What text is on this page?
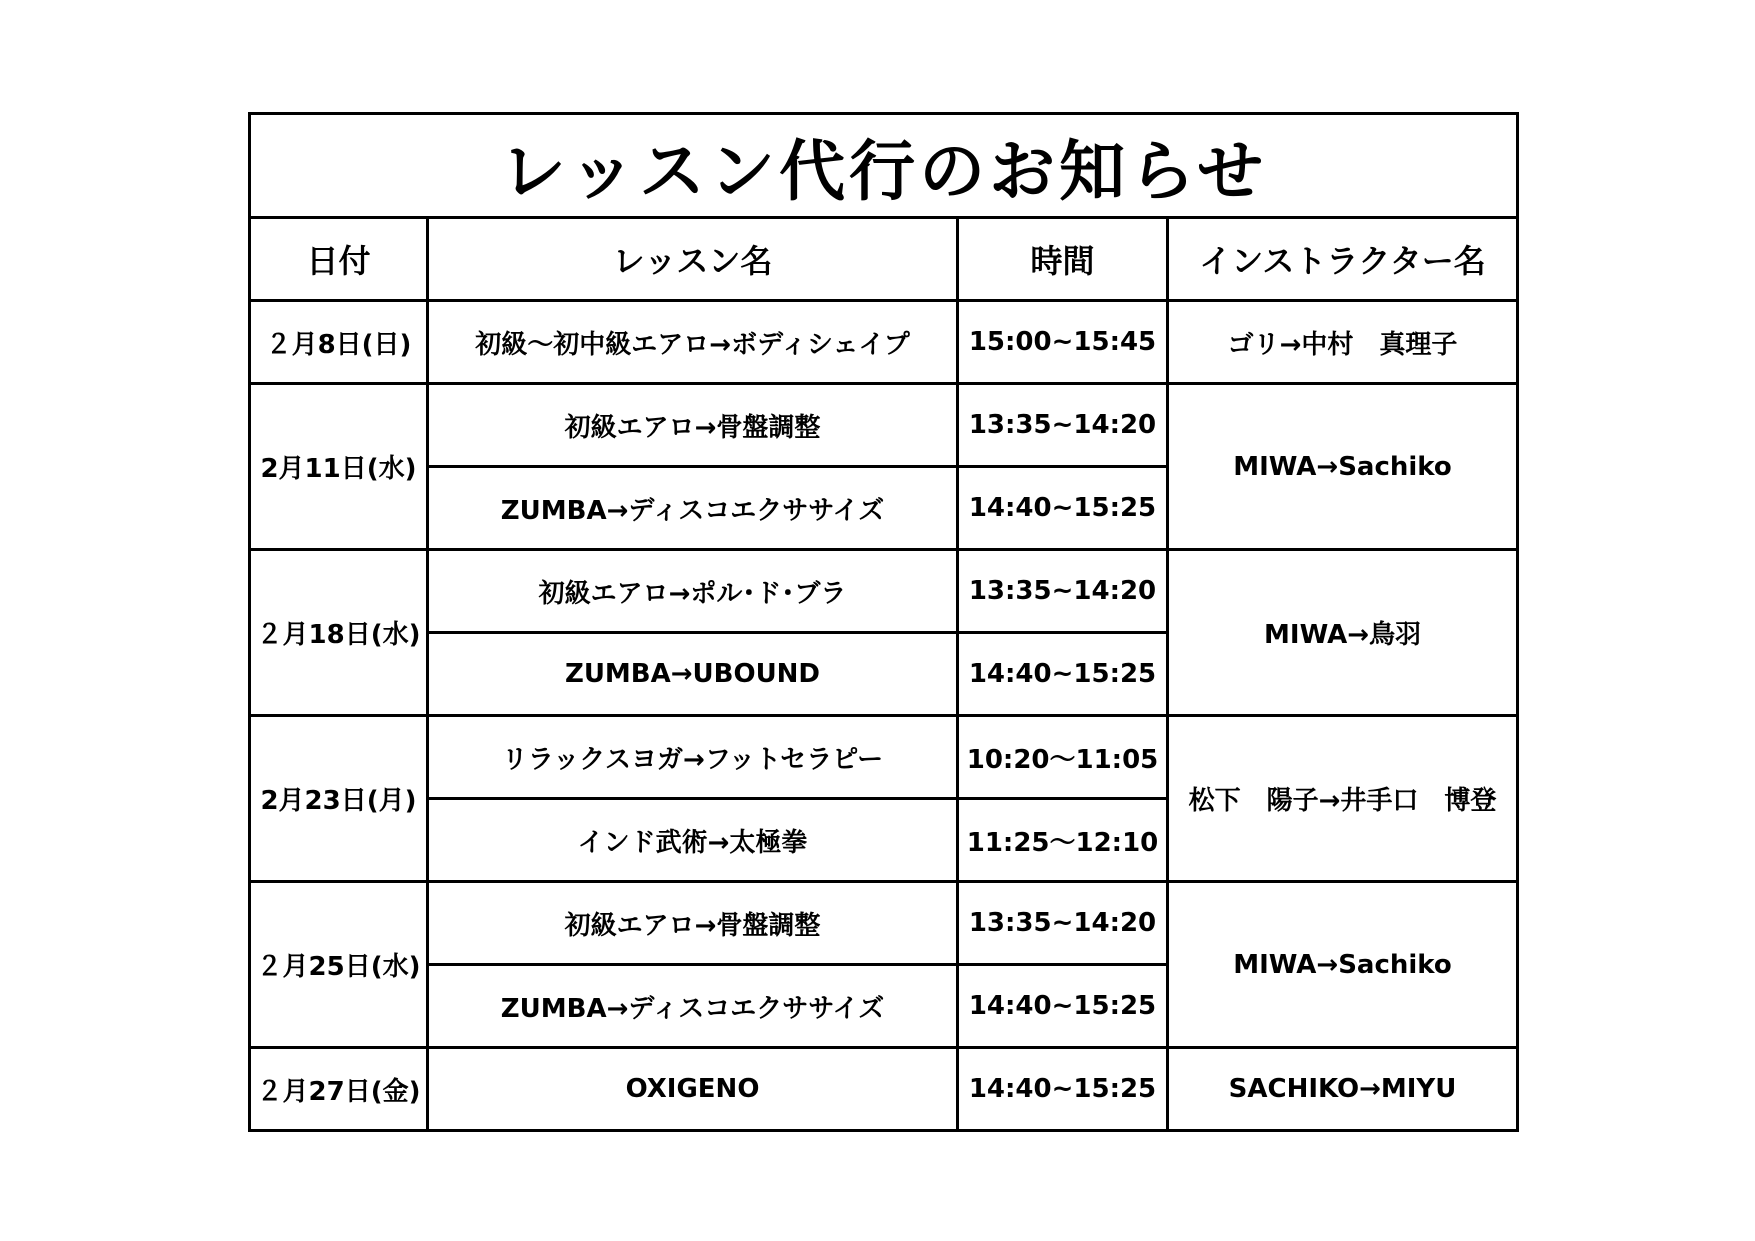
レッスン代行のお知らせ			
日付	レッスン名	時間	インストラクター名
２月8日(日)	初級～初中級エアロ→ボディシェイプ	15:00~15:45	ゴリ→中村　真理子
2月11日(水)	初級エアロ→骨盤調整	13:35~14:20	MIWA→Sachiko
	ZUMBA→ディスコエクササイズ	14:40~15:25	
２月18日(水)	初級エアロ→ポル･ド･ブラ	13:35~14:20	MIWA→鳥羽
	ZUMBA→UBOUND	14:40~15:25	
2月23日(月)	リラックスヨガ→フットセラピー	10:20～11:05	松下　陽子→井手口　博登
	インド武術→太極拳	11:25～12:10	
２月25日(水)	初級エアロ→骨盤調整	13:35~14:20	MIWA→Sachiko
	ZUMBA→ディスコエクササイズ	14:40~15:25	
２月27日(金)	OXIGENO	14:40~15:25	SACHIKO→MIYU
